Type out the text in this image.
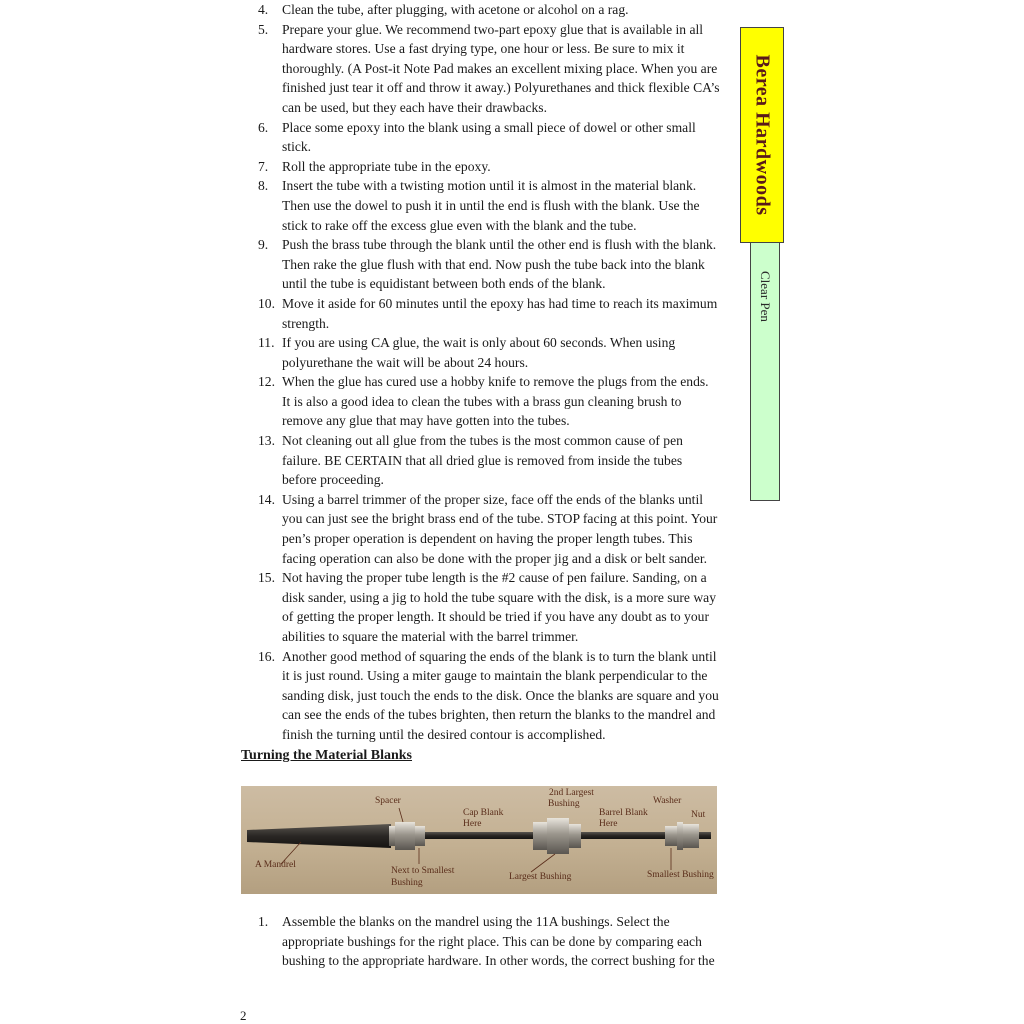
4. Clean the tube, after plugging, with acetone or alcohol on a rag.
5. Prepare your glue. We recommend two-part epoxy glue that is available in all hardware stores. Use a fast drying type, one hour or less. Be sure to mix it thoroughly. (A Post-it Note Pad makes an excellent mixing place. When you are finished just tear it off and throw it away.) Polyurethanes and thick flexible CA’s can be used, but they each have their drawbacks.
6. Place some epoxy into the blank using a small piece of dowel or other small stick.
7. Roll the appropriate tube in the epoxy.
8. Insert the tube with a twisting motion until it is almost in the material blank. Then use the dowel to push it in until the end is flush with the blank. Use the stick to rake off the excess glue even with the blank and the tube.
9. Push the brass tube through the blank until the other end is flush with the blank. Then rake the glue flush with that end. Now push the tube back into the blank until the tube is equidistant between both ends of the blank.
10. Move it aside for 60 minutes until the epoxy has had time to reach its maximum strength.
11. If you are using CA glue, the wait is only about 60 seconds. When using polyurethane the wait will be about 24 hours.
12. When the glue has cured use a hobby knife to remove the plugs from the ends. It is also a good idea to clean the tubes with a brass gun cleaning brush to remove any glue that may have gotten into the tubes.
13. Not cleaning out all glue from the tubes is the most common cause of pen failure. BE CERTAIN that all dried glue is removed from inside the tubes before proceeding.
14. Using a barrel trimmer of the proper size, face off the ends of the blanks until you can just see the bright brass end of the tube. STOP facing at this point. Your pen’s proper operation is dependent on having the proper length tubes. This facing operation can also be done with the proper jig and a disk or belt sander.
15. Not having the proper tube length is the #2 cause of pen failure. Sanding, on a disk sander, using a jig to hold the tube square with the disk, is a more sure way of getting the proper length. It should be tried if you have any doubt as to your abilities to square the material with the barrel trimmer.
16. Another good method of squaring the ends of the blank is to turn the blank until it is just round. Using a miter gauge to maintain the blank perpendicular to the sanding disk, just touch the ends to the disk. Once the blanks are square and you can see the ends of the tubes brighten, then return the blanks to the mandrel and finish the turning until the desired contour is accomplished.
Turning the Material Blanks
Spacer
Cap Blank
Here
2nd Largest
Bushing
Barrel Blank
Here
Washer
Nut
A Mandrel
Next to Smallest
Bushing
Largest Bushing	Smallest Bushing
1. Assemble the blanks on the mandrel using the 11A bushings. Select the appropriate bushings for the right place. This can be done by comparing each bushing to the appropriate hardware. In other words, the correct bushing for the
2
Berea Hardwoods
Clear Pen
